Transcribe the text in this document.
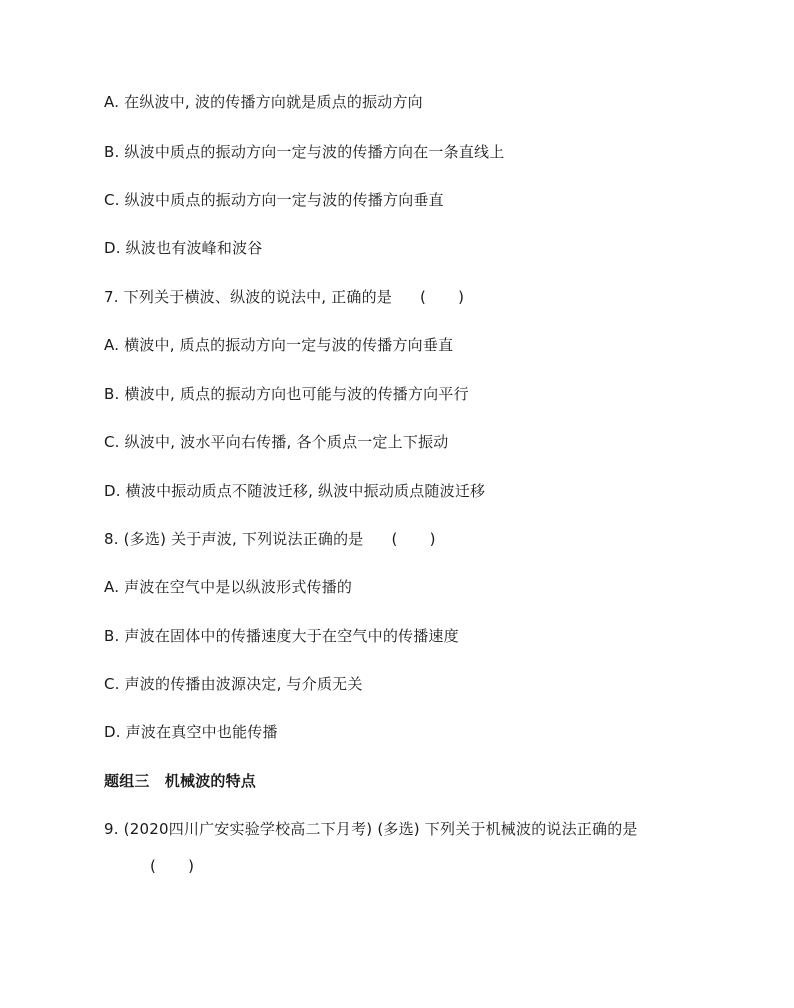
A. 在纵波中, 波的传播方向就是质点的振动方向
B. 纵波中质点的振动方向一定与波的传播方向在一条直线上
C. 纵波中质点的振动方向一定与波的传播方向垂直
D. 纵波也有波峰和波谷
7. 下列关于横波、纵波的说法中, 正确的是 ( )
A. 横波中, 质点的振动方向一定与波的传播方向垂直
B. 横波中, 质点的振动方向也可能与波的传播方向平行
C. 纵波中, 波水平向右传播, 各个质点一定上下振动
D. 横波中振动质点不随波迁移, 纵波中振动质点随波迁移
8. (多选) 关于声波, 下列说法正确的是 ( )
A. 声波在空气中是以纵波形式传播的
B. 声波在固体中的传播速度大于在空气中的传播速度
C. 声波的传播由波源决定, 与介质无关
D. 声波在真空中也能传播
题组三　机械波的特点
9. (2020四川广安实验学校高二下月考) (多选) 下列关于机械波的说法正确的是
( )
